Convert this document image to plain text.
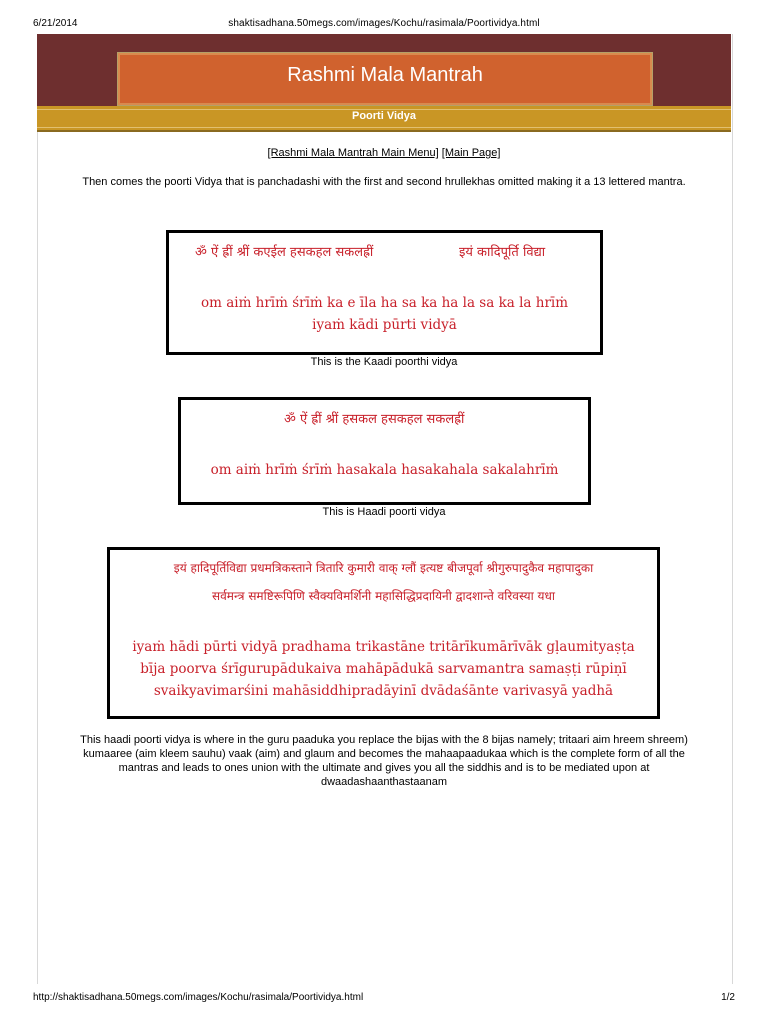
6/21/2014	shaktisadhana.50megs.com/images/Kochu/rasimala/Poortividya.html
Rashmi Mala Mantrah
Poorti Vidya
[Rashmi Mala Mantrah Main Menu] [Main Page]
Then comes the poorti Vidya that is panchadashi with the first and second hrullekhas omitted making it a 13 lettered mantra.
ॐ ऐं ह्रीं श्रीं कएईल हसकहल सकलह्रीं	इयं कादिपूर्ति विद्या
om aiṁ hrīṁ śrīṁ ka e īla ha sa ka ha la sa ka la hrīṁ
iyaṁ kādi pūrti vidyā
This is the Kaadi poorthi vidya
ॐ ऐं ह्रीं श्रीं हसकल हसकहल सकलह्रीं
om aiṁ hrīṁ śrīṁ hasakala hasakahala sakalahrīṁ
This is Haadi poorti vidya
इयं हादिपूर्तिविद्या प्रधमत्रिकस्ताने त्रितारि कुमारी वाक् ग्लौं इत्यष्ट बीजपूर्वा श्रीगुरुपादुकैव महापादुका
सर्वमन्त्र समष्टिरूपिणि स्वैक्यविमर्शिनी महासिद्धिप्रदायिनी द्वादशान्ते वरिवस्या यधा
iyaṁ hādi pūrti vidyā pradhama trikastāne tritārīkumārīvāk gḷaumityaṣṭa
bīja poorva śrīgurupādukaiva mahāpādukā sarvamantra samaṣṭi rūpiṇī
svaikyavimarśini mahāsiddhipradāyinī dvādaśānte varivasyā yadhā
This haadi poorti vidya is where in the guru paaduka you replace the bijas with the 8 bijas namely; tritaari aim hreem shreem) kumaaree (aim kleem sauhu) vaak (aim) and glaum and becomes the mahaapaadukaa which is the complete form of all the mantras and leads to ones union with the ultimate and gives you all the siddhis and is to be mediated upon at dwaadashaanthastaanam
http://shaktisadhana.50megs.com/images/Kochu/rasimala/Poortividya.html	1/2
